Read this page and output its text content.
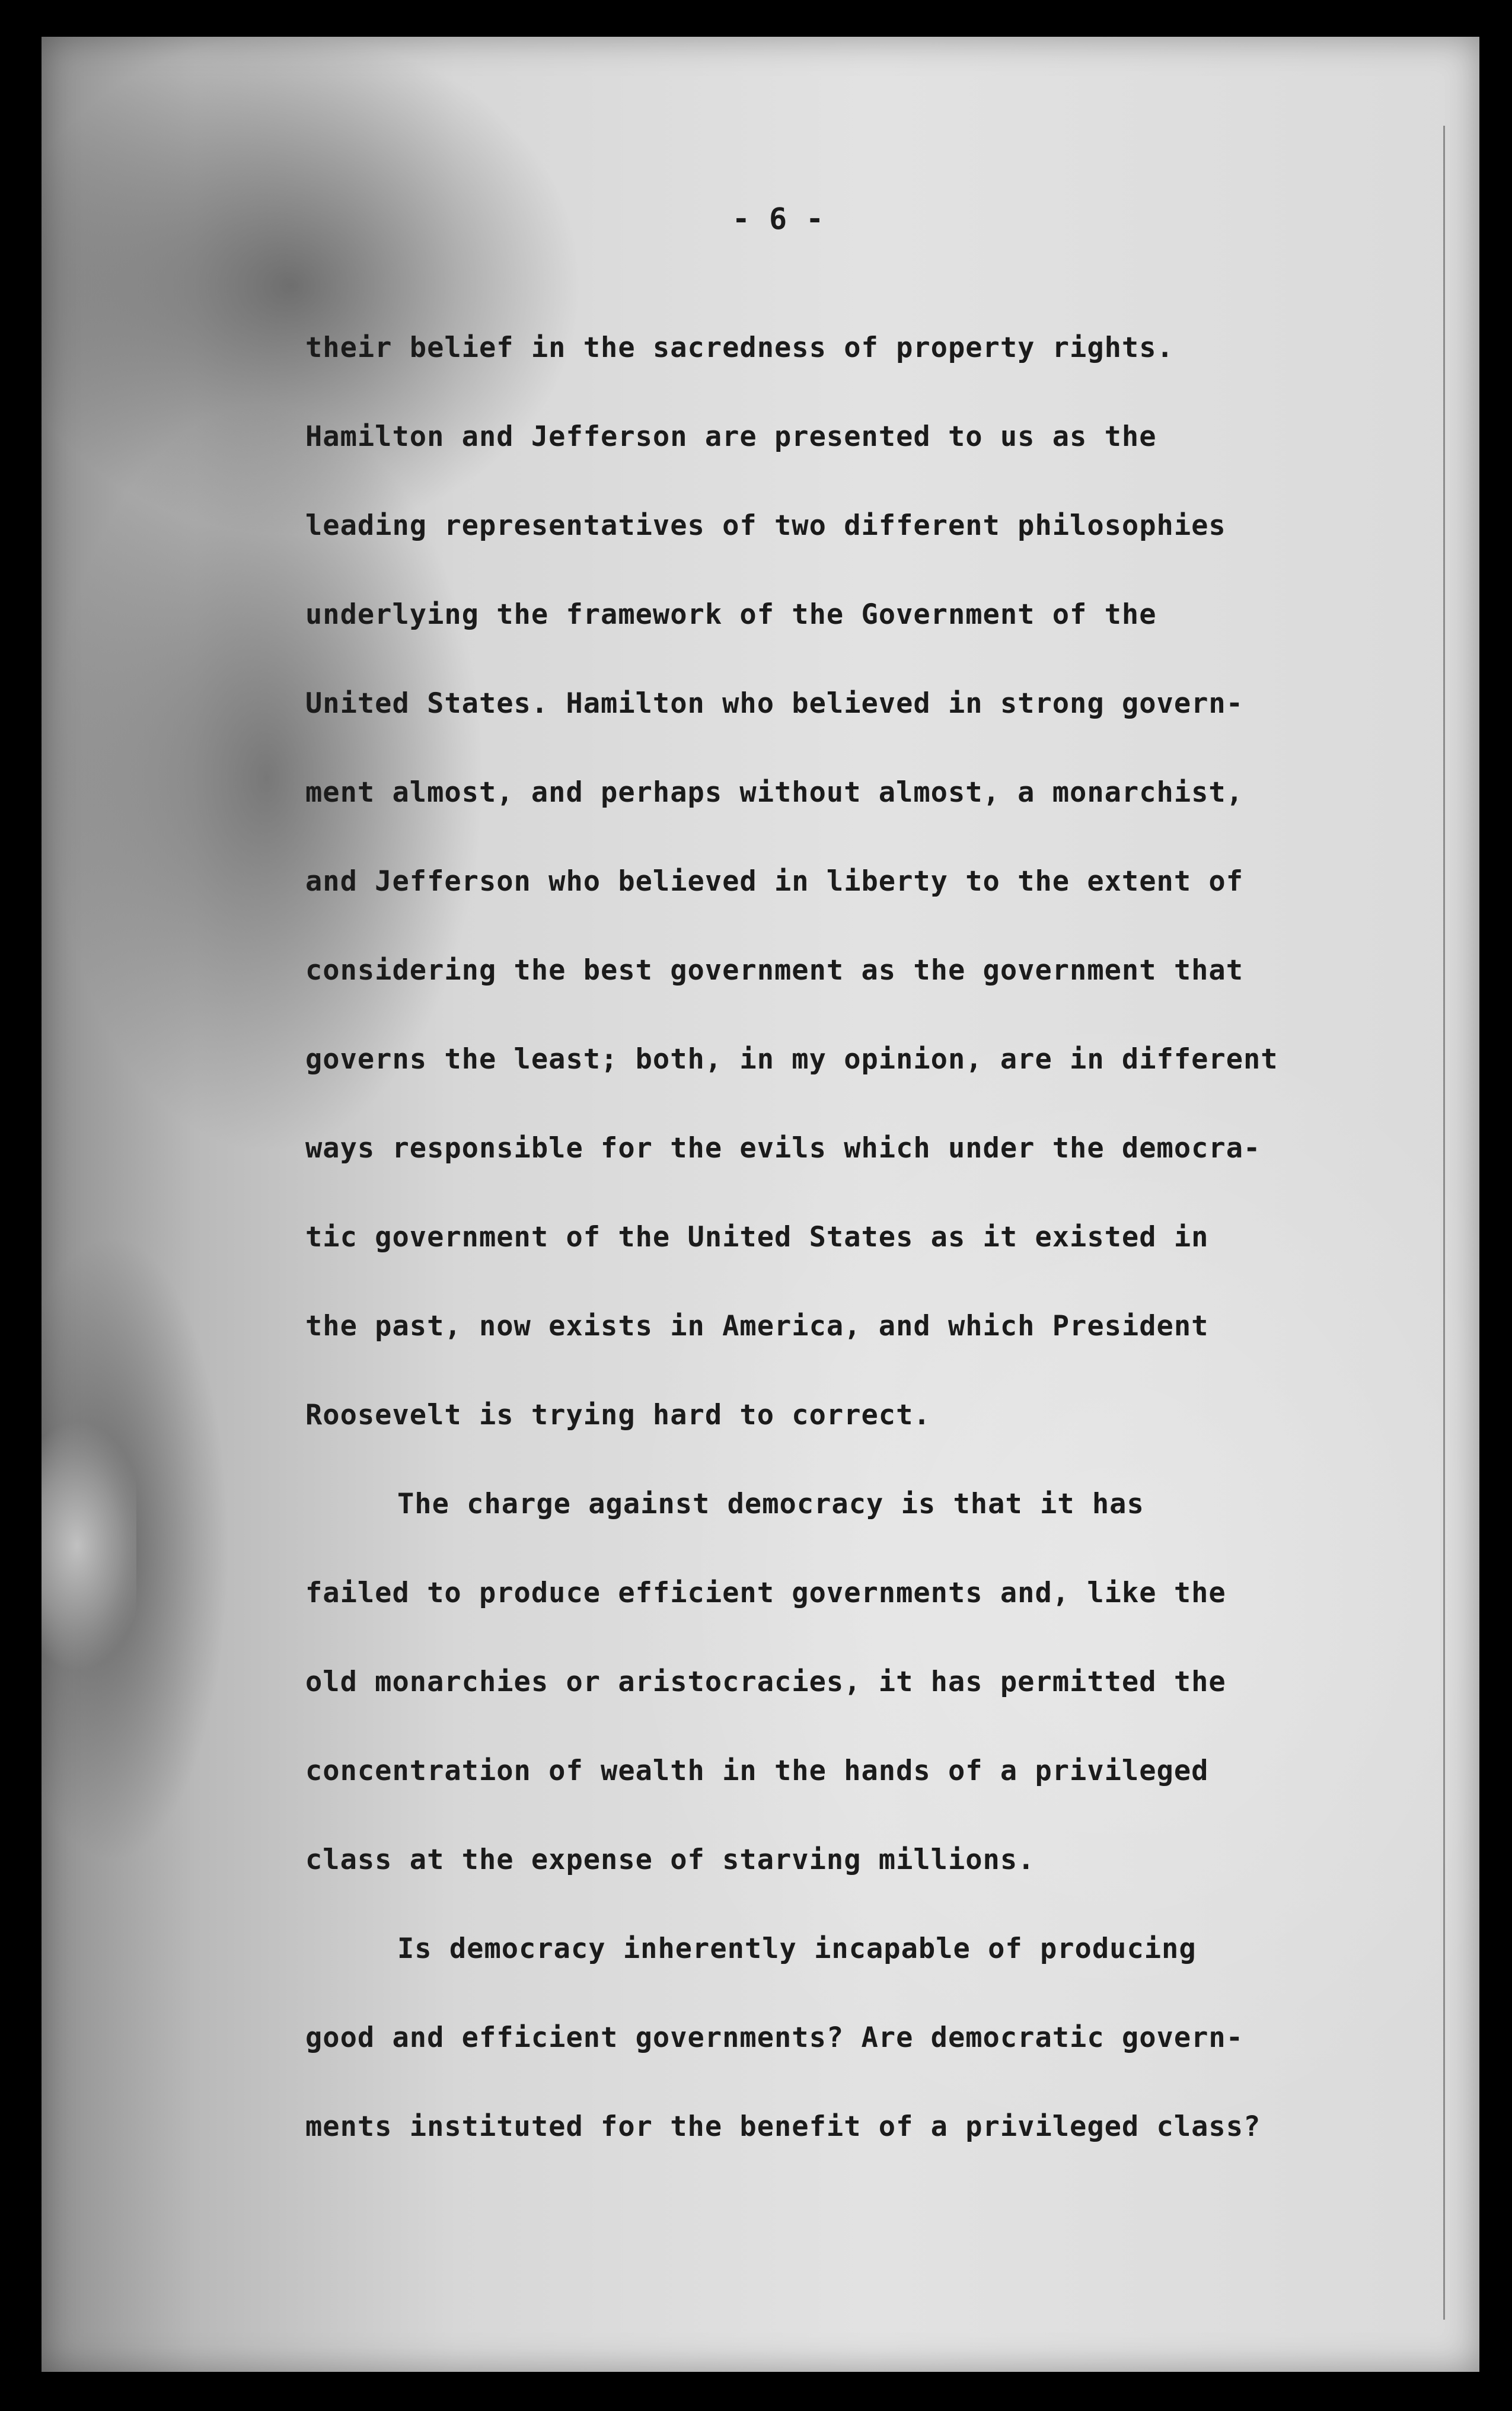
- 6 -
their belief in the sacredness of property rights.
Hamilton and Jefferson are presented to us as the
leading representatives of two different philosophies
underlying the framework of the Government of the
United States. Hamilton who believed in strong govern-
ment almost, and perhaps without almost, a monarchist,
and Jefferson who believed in liberty to the extent of
considering the best government as the government that
governs the least; both, in my opinion, are in different
ways responsible for the evils which under the democra-
tic government of the United States as it existed in
the past, now exists in America, and which President
Roosevelt is trying hard to correct.
The charge against democracy is that it has
failed to produce efficient governments and, like the
old monarchies or aristocracies, it has permitted the
concentration of wealth in the hands of a privileged
class at the expense of starving millions.
Is democracy inherently incapable of producing
good and efficient governments? Are democratic govern-
ments instituted for the benefit of a privileged class?
